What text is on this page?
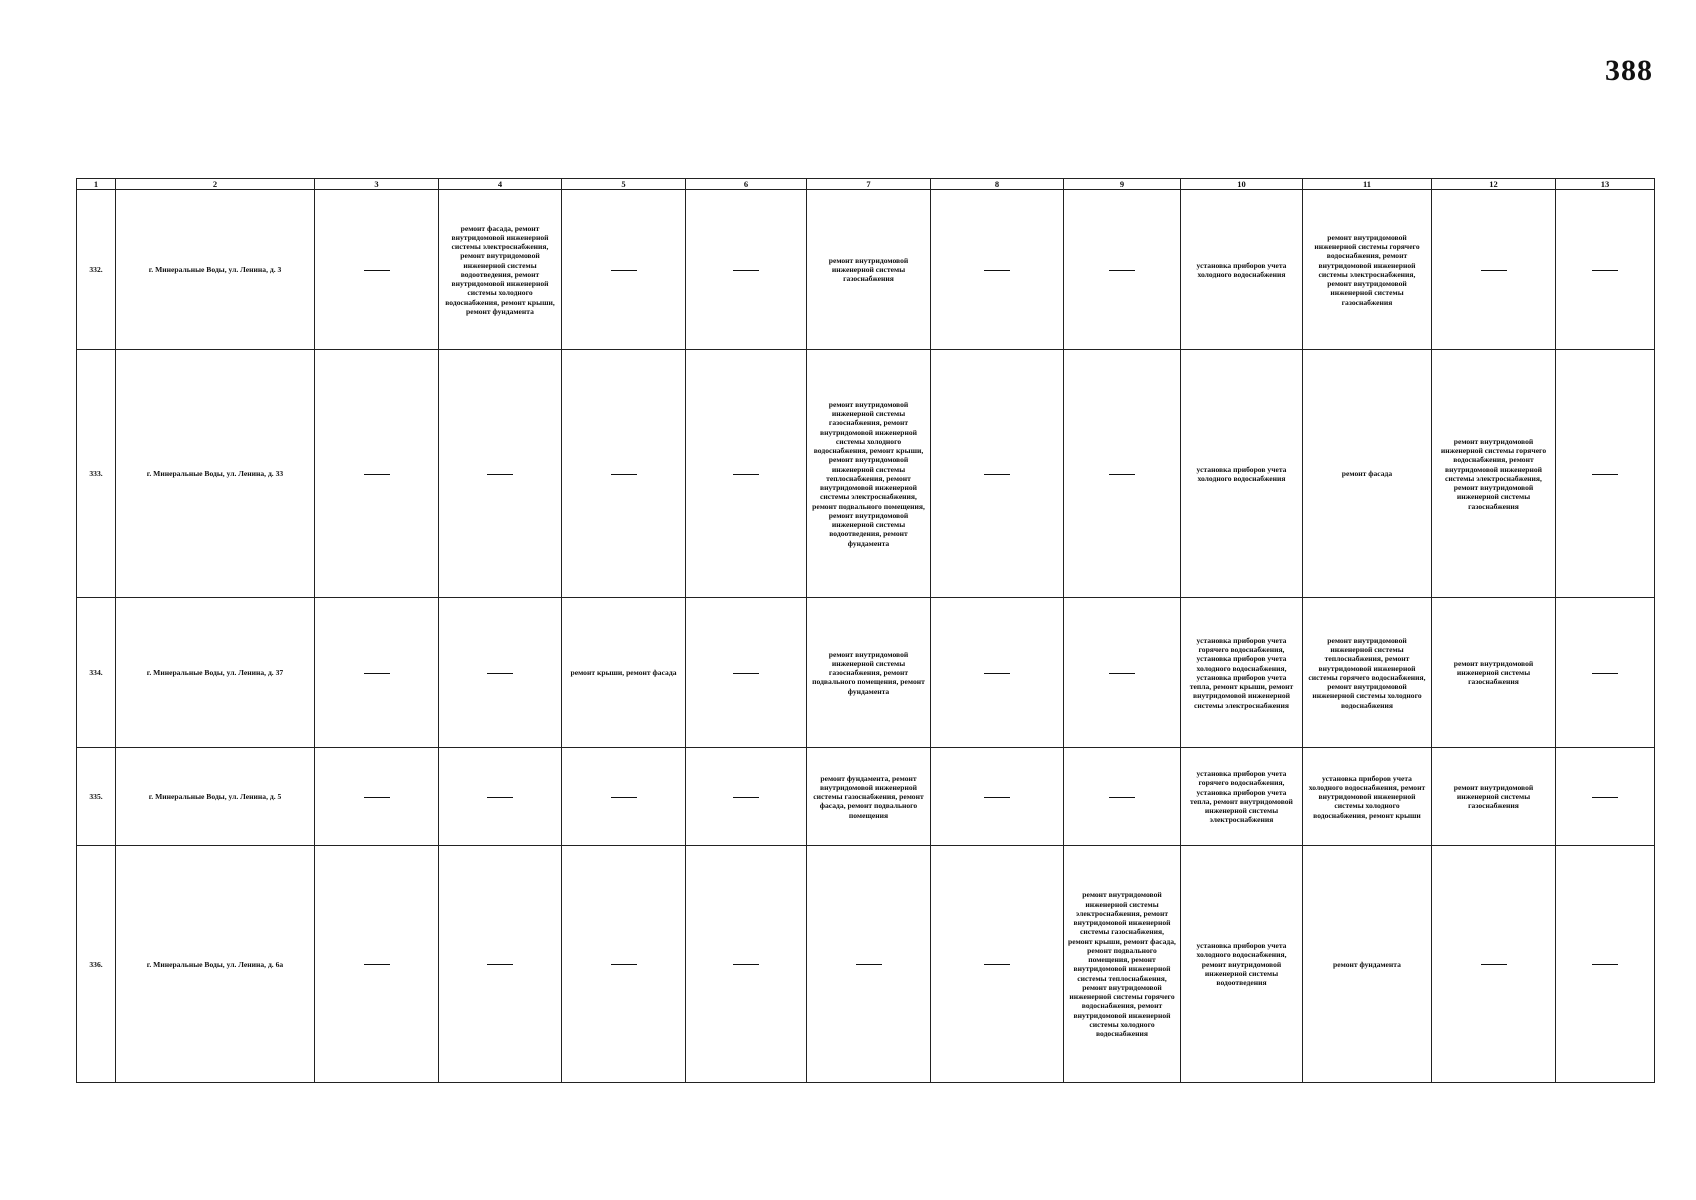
388
1	2	3	4	5	6	7	8	9	10	11	12	13
332.	г. Минеральные Воды, ул. Ленина, д. 3		ремонт фасада, ремонт внутридомовой инженерной системы электроснабжения, ремонт внутридомовой инженерной системы водоотведения, ремонт внутридомовой инженерной системы холодного водоснабжения, ремонт крыши, ремонт фундамента			ремонт внутридомовой инженерной системы газоснабжения			установка приборов учета холодного водоснабжения	ремонт внутридомовой инженерной системы горячего водоснабжения, ремонт внутридомовой инженерной системы электроснабжения, ремонт внутридомовой инженерной системы газоснабжения		
333.	г. Минеральные Воды, ул. Ленина, д. 33					ремонт внутридомовой инженерной системы газоснабжения, ремонт внутридомовой инженерной системы холодного водоснабжения, ремонт крыши, ремонт внутридомовой инженерной системы теплоснабжения, ремонт внутридомовой инженерной системы электроснабжения, ремонт подвального помещения, ремонт внутридомовой инженерной системы водоотведения, ремонт фундамента			установка приборов учета холодного водоснабжения	ремонт фасада	ремонт внутридомовой инженерной системы горячего водоснабжения, ремонт внутридомовой инженерной системы электроснабжения, ремонт внутридомовой инженерной системы газоснабжения	
334.	г. Минеральные Воды, ул. Ленина, д. 37			ремонт крыши, ремонт фасада		ремонт внутридомовой инженерной системы газоснабжения, ремонт подвального помещения, ремонт фундамента			установка приборов учета горячего водоснабжения, установка приборов учета холодного водоснабжения, установка приборов учета тепла, ремонт крыши, ремонт внутридомовой инженерной системы электроснабжения	ремонт внутридомовой инженерной системы теплоснабжения, ремонт внутридомовой инженерной системы горячего водоснабжения, ремонт внутридомовой инженерной системы холодного водоснабжения	ремонт внутридомовой инженерной системы газоснабжения	
335.	г. Минеральные Воды, ул. Ленина, д. 5					ремонт фундамента, ремонт внутридомовой инженерной системы газоснабжения, ремонт фасада, ремонт подвального помещения			установка приборов учета горячего водоснабжения, установка приборов учета тепла, ремонт внутридомовой инженерной системы электроснабжения	установка приборов учета холодного водоснабжения, ремонт внутридомовой инженерной системы холодного водоснабжения, ремонт крыши	ремонт внутридомовой инженерной системы газоснабжения	
336.	г. Минеральные Воды, ул. Ленина, д. 6а							ремонт внутридомовой инженерной системы электроснабжения, ремонт внутридомовой инженерной системы газоснабжения, ремонт крыши, ремонт фасада, ремонт подвального помещения, ремонт внутридомовой инженерной системы теплоснабжения, ремонт внутридомовой инженерной системы горячего водоснабжения, ремонт внутридомовой инженерной системы холодного водоснабжения	установка приборов учета холодного водоснабжения, ремонт внутридомовой инженерной системы водоотведения	ремонт фундамента		
